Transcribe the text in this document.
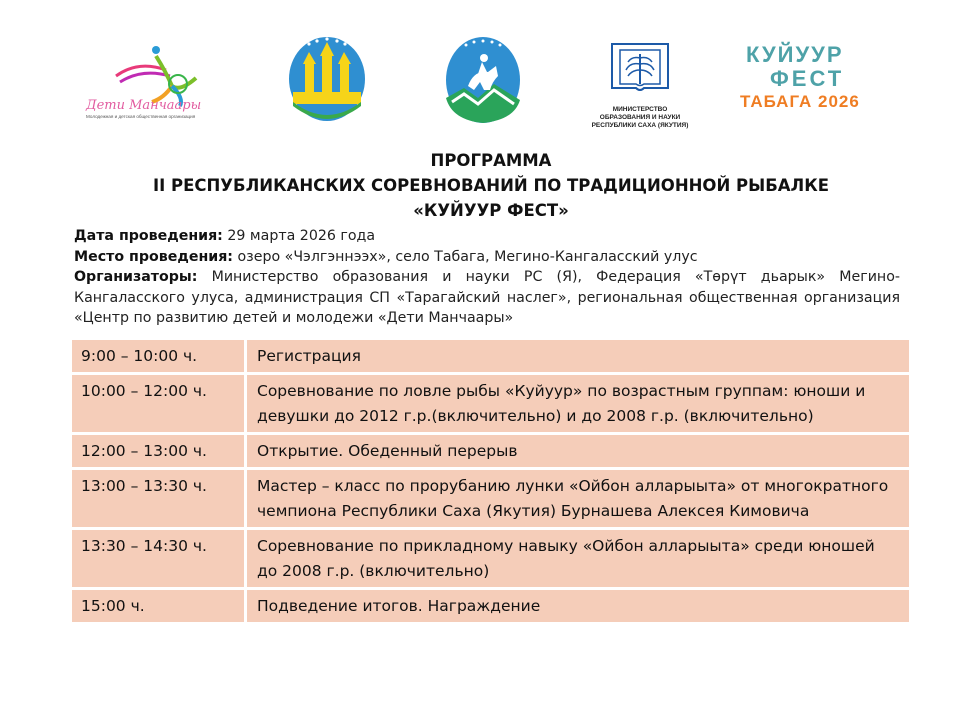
Дети Манчаары
Молодежная и детская общественная организация
МИНИСТЕРСТВО
ОБРАЗОВАНИЯ И НАУКИ
РЕСПУБЛИКИ САХА (ЯКУТИЯ)
КУЙУУР
ФЕСТ
ТАБАГА 2026
ПРОГРАММА
II РЕСПУБЛИКАНСКИХ СОРЕВНОВАНИЙ ПО ТРАДИЦИОННОЙ РЫБАЛКЕ
«КУЙУУР ФЕСТ»

Дата проведения: 29 марта 2026 года

Место проведения: озеро «Чэлгэннээх», село Табага, Мегино-Кангаласский улус

Организаторы: Министерство образования и науки РС (Я), Федерация «Төрүт дьарык» Мегино-Кангаласского улуса, администрация СП «Тарагайский наслег», региональная общественная организация «Центр по развитию детей и молодежи «Дети Манчаары»

9:00 – 10:00 ч.	Регистрация
10:00 – 12:00 ч.	Соревнование по ловле рыбы «Куйуур» по возрастным группам: юноши и девушки до 2012 г.р.(включительно) и до 2008 г.р. (включительно)
12:00 – 13:00 ч.	Открытие. Обеденный перерыв
13:00 – 13:30 ч.	Мастер – класс по прорубанию лунки «Ойбон алларыыта» от многократного чемпиона Республики Саха (Якутия) Бурнашева Алексея Кимовича
13:30 – 14:30 ч.	Соревнование по прикладному навыку «Ойбон алларыыта» среди юношей до 2008 г.р. (включительно)
15:00 ч.	Подведение итогов. Награждение
